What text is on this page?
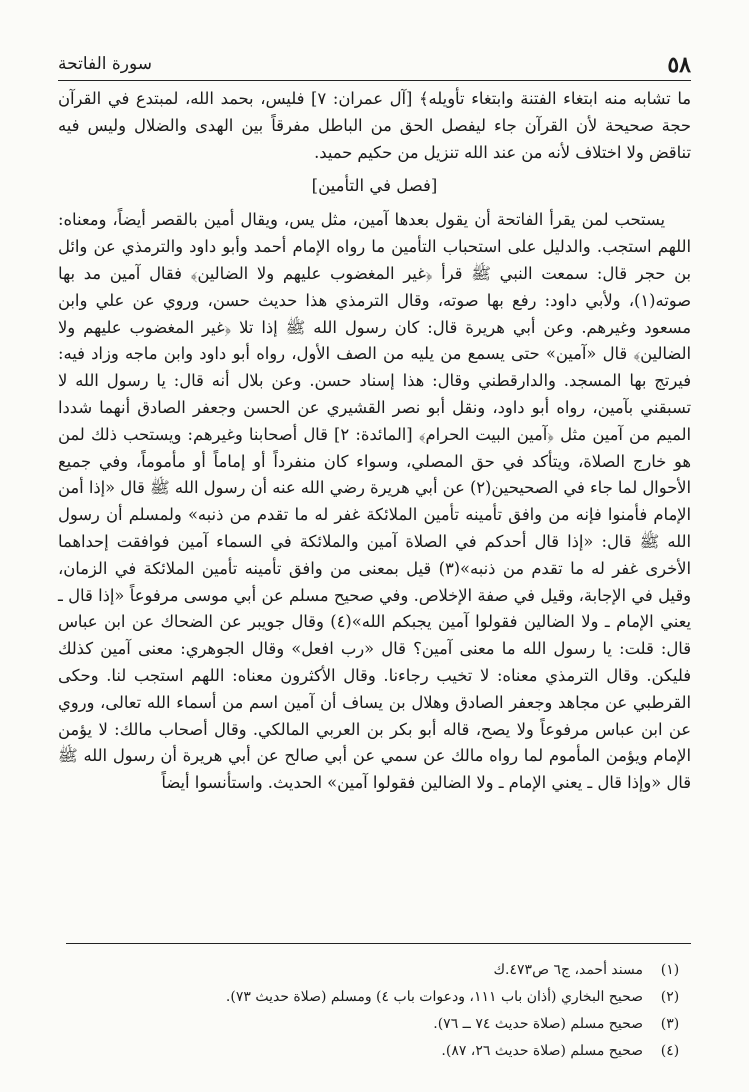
٥٨
سورة الفاتحة

ما تشابه منه ابتغاء الفتنة وابتغاء تأويله﴾ [آل عمران: ٧] فليس، بحمد الله، لمبتدع في القرآن حجة صحيحة لأن القرآن جاء ليفصل الحق من الباطل مفرقاً بين الهدى والضلال وليس فيه تناقض ولا اختلاف لأنه من عند الله تنزيل من حكيم حميد.

[فصل في التأمين]

يستحب لمن يقرأ الفاتحة أن يقول بعدها آمين، مثل يس، ويقال أمين بالقصر أيضاً، ومعناه: اللهم استجب. والدليل على استحباب التأمين ما رواه الإمام أحمد وأبو داود والترمذي عن وائل بن حجر قال: سمعت النبي ﷺ قرأ ﴿غير المغضوب عليهم ولا الضالين﴾ فقال آمين مد بها صوته(١)، ولأبي داود: رفع بها صوته، وقال الترمذي هذا حديث حسن، وروي عن علي وابن مسعود وغيرهم. وعن أبي هريرة قال: كان رسول الله ﷺ إذا تلا ﴿غير المغضوب عليهم ولا الضالين﴾ قال «آمين» حتى يسمع من يليه من الصف الأول، رواه أبو داود وابن ماجه وزاد فيه: فيرتج بها المسجد. والدارقطني وقال: هذا إسناد حسن. وعن بلال أنه قال: يا رسول الله لا تسبقني بآمين، رواه أبو داود، ونقل أبو نصر القشيري عن الحسن وجعفر الصادق أنهما شددا الميم من آمين مثل ﴿آمين البيت الحرام﴾ [المائدة: ٢] قال أصحابنا وغيرهم: ويستحب ذلك لمن هو خارج الصلاة، ويتأكد في حق المصلي، وسواء كان منفرداً أو إماماً أو مأموماً، وفي جميع الأحوال لما جاء في الصحيحين(٢) عن أبي هريرة رضي الله عنه أن رسول الله ﷺ قال «إذا أمن الإمام فأمنوا فإنه من وافق تأمينه تأمين الملائكة غفر له ما تقدم من ذنبه» ولمسلم أن رسول الله ﷺ قال: «إذا قال أحدكم في الصلاة آمين والملائكة في السماء آمين فوافقت إحداهما الأخرى غفر له ما تقدم من ذنبه»(٣) قيل بمعنى من وافق تأمينه تأمين الملائكة في الزمان، وقيل في الإجابة، وقيل في صفة الإخلاص. وفي صحيح مسلم عن أبي موسى مرفوعاً «إذا قال ـ يعني الإمام ـ ولا الضالين فقولوا آمين يجبكم الله»(٤) وقال جويبر عن الضحاك عن ابن عباس قال: قلت: يا رسول الله ما معنى آمين؟ قال «رب افعل» وقال الجوهري: معنى آمين كذلك فليكن. وقال الترمذي معناه: لا تخيب رجاءنا. وقال الأكثرون معناه: اللهم استجب لنا. وحكى القرطبي عن مجاهد وجعفر الصادق وهلال بن يساف أن آمين اسم من أسماء الله تعالى، وروي عن ابن عباس مرفوعاً ولا يصح، قاله أبو بكر بن العربي المالكي. وقال أصحاب مالك: لا يؤمن الإمام ويؤمن المأموم لما رواه مالك عن سمي عن أبي صالح عن أبي هريرة أن رسول الله ﷺ قال «وإذا قال ـ يعني الإمام ـ ولا الضالين فقولوا آمين» الحديث. واستأنسوا أيضاً

(١)
مسند أحمد، ج٦ ص٤٧٣.ك
(٢)
صحيح البخاري (أذان باب ١١١، ودعوات باب ٤) ومسلم (صلاة حديث ٧٣).
(٣)
صحيح مسلم (صلاة حديث ٧٤ ــ ٧٦).
(٤)
صحيح مسلم (صلاة حديث ٢٦، ٨٧).
